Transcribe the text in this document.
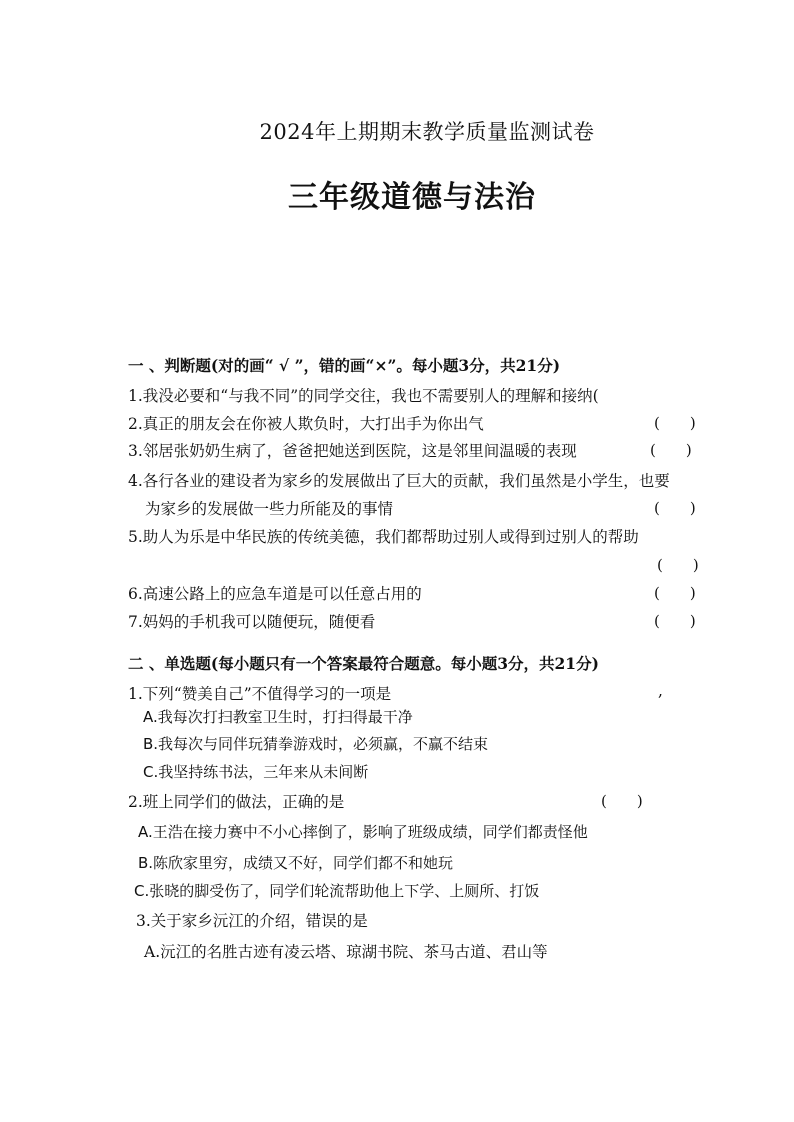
2024年上期期末教学质量监测试卷
三年级道德与法治
一 、判断题(对的画“ √ ”，错的画“×”。每小题3分，共21分)
1.我没必要和“与我不同”的同学交往，我也不需要别人的理解和接纳(
2.真正的朋友会在你被人欺负时，大打出手为你出气	(　　)
3.邻居张奶奶生病了，爸爸把她送到医院，这是邻里间温暖的表现	(　　)
4.各行各业的建设者为家乡的发展做出了巨大的贡献，我们虽然是小学生，也要
为家乡的发展做一些力所能及的事情	(　　)
5.助人为乐是中华民族的传统美德，我们都帮助过别人或得到过别人的帮助
(　　)
6.高速公路上的应急车道是可以任意占用的	(　　)
7.妈妈的手机我可以随便玩，随便看	(　　)
二 、单选题(每小题只有一个答案最符合题意。每小题3分，共21分)
1.下列“赞美自己”不值得学习的一项是	,
A.我每次打扫教室卫生时，打扫得最干净
B.我每次与同伴玩猜拳游戏时，必须赢，不赢不结束
C.我坚持练书法，三年来从未间断
2.班上同学们的做法，正确的是	(　　)
A.王浩在接力赛中不小心摔倒了，影响了班级成绩，同学们都责怪他
B.陈欣家里穷，成绩又不好，同学们都不和她玩
C.张晓的脚受伤了，同学们轮流帮助他上下学、上厕所、打饭
3.关于家乡沅江的介绍，错误的是
A.沅江的名胜古迹有凌云塔、琼湖书院、茶马古道、君山等
